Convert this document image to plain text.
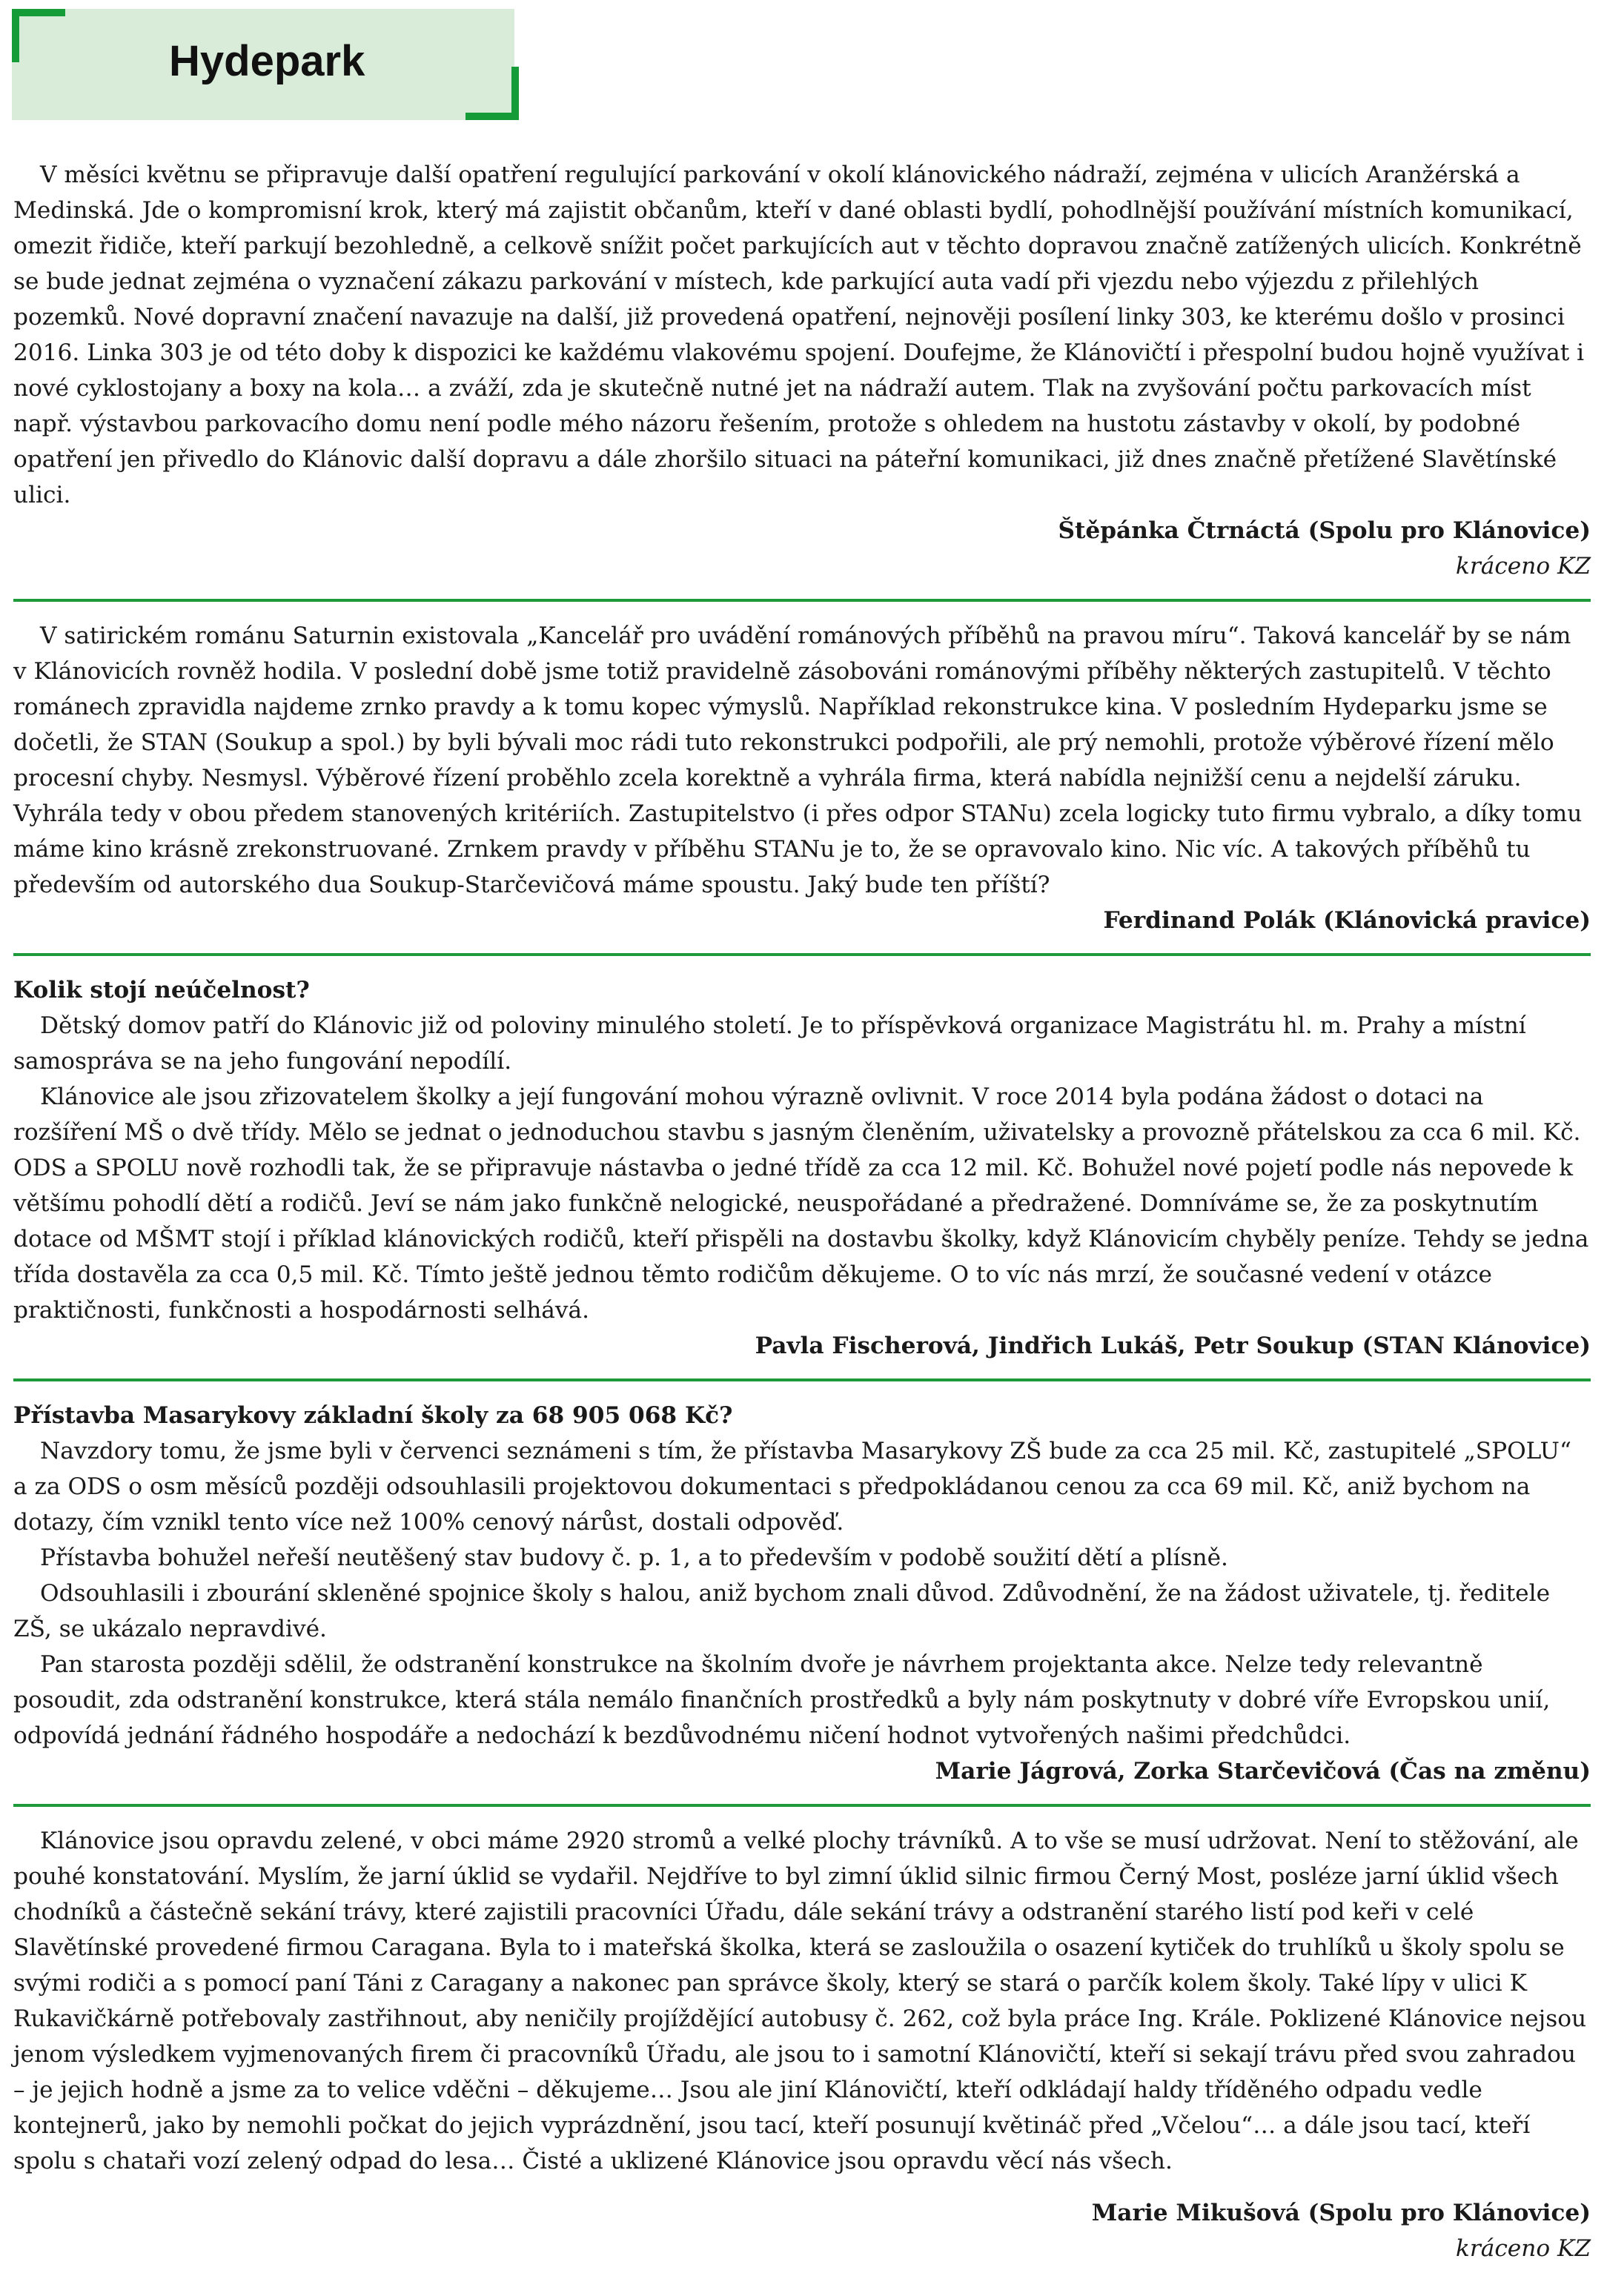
Hydepark

V měsíci květnu se připravuje další opatření regulující parkování v okolí klánovického nádraží, zejména v ulicích Aranžérská a Medinská. Jde o kompromisní krok, který má zajistit občanům, kteří v dané oblasti bydlí, pohodlnější používání místních komunikací, omezit řidiče, kteří parkují bezohledně, a celkově snížit počet parkujících aut v těchto dopravou značně zatížených ulicích. Konkrétně se bude jednat zejména o vyznačení zákazu parkování v místech, kde parkující auta vadí při vjezdu nebo výjezdu z přilehlých pozemků. Nové dopravní značení navazuje na další, již provedená opatření, nejnověji posílení linky 303, ke kterému došlo v prosinci 2016. Linka 303 je od této doby k dispozici ke každému vlakovému spojení. Doufejme, že Klánovičtí i přespolní budou hojně využívat i nové cyklostojany a boxy na kola… a zváží, zda je skutečně nutné jet na nádraží autem. Tlak na zvyšování počtu parkovacích míst např. výstavbou parkovacího domu není podle mého názoru řešením, protože s ohledem na hustotu zástavby v okolí, by podobné opatření jen přivedlo do Klánovic další dopravu a dále zhoršilo situaci na páteřní komunikaci, již dnes značně přetížené Slavětínské ulici.

Štěpánka Čtrnáctá (Spolu pro Klánovice)

kráceno KZ

V satirickém románu Saturnin existovala „Kancelář pro uvádění románových příběhů na pravou míru“. Taková kancelář by se nám v Klánovicích rovněž hodila. V poslední době jsme totiž pravidelně zásobováni románovými příběhy některých zastupitelů. V těchto románech zpravidla najdeme zrnko pravdy a k tomu kopec výmyslů. Například rekonstrukce kina. V posledním Hydeparku jsme se dočetli, že STAN (Soukup a spol.) by byli bývali moc rádi tuto rekonstrukci podpořili, ale prý nemohli, protože výběrové řízení mělo procesní chyby. Nesmysl. Výběrové řízení proběhlo zcela korektně a vyhrála firma, která nabídla nejnižší cenu a nejdelší záruku. Vyhrála tedy v obou předem stanovených kritériích. Zastupitelstvo (i přes odpor STANu) zcela logicky tuto firmu vybralo, a díky tomu máme kino krásně zrekonstruované. Zrnkem pravdy v příběhu STANu je to, že se opravovalo kino. Nic víc. A takových příběhů tu především od autorského dua Soukup-Starčevičová máme spoustu. Jaký bude ten příští?

Ferdinand Polák (Klánovická pravice)

Kolik stojí neúčelnost?

Dětský domov patří do Klánovic již od poloviny minulého století. Je to příspěvková organizace Magistrátu hl. m. Prahy a místní samospráva se na jeho fungování nepodílí.

Klánovice ale jsou zřizovatelem školky a její fungování mohou výrazně ovlivnit. V roce 2014 byla podána žádost o dotaci na rozšíření MŠ o dvě třídy. Mělo se jednat o jednoduchou stavbu s jasným členěním, uživatelsky a provozně přátelskou za cca 6 mil. Kč. ODS a SPOLU nově rozhodli tak, že se připravuje nástavba o jedné třídě za cca 12 mil. Kč. Bohužel nové pojetí podle nás nepovede k většímu pohodlí dětí a rodičů. Jeví se nám jako funkčně nelogické, neuspořádané a předražené. Domníváme se, že za poskytnutím dotace od MŠMT stojí i příklad klánovických rodičů, kteří přispěli na dostavbu školky, když Klánovicím chyběly peníze. Tehdy se jedna třída dostavěla za cca 0,5 mil. Kč. Tímto ještě jednou těmto rodičům děkujeme. O to víc nás mrzí, že současné vedení v otázce praktičnosti, funkčnosti a hospodárnosti selhává.

Pavla Fischerová, Jindřich Lukáš, Petr Soukup (STAN Klánovice)

Přístavba Masarykovy základní školy za 68 905 068 Kč?

Navzdory tomu, že jsme byli v červenci seznámeni s tím, že přístavba Masarykovy ZŠ bude za cca 25 mil. Kč, zastupitelé „SPOLU“ a za ODS o osm měsíců později odsouhlasili projektovou dokumentaci s předpokládanou cenou za cca 69 mil. Kč, aniž bychom na dotazy, čím vznikl tento více než 100% cenový nárůst, dostali odpověď.

Přístavba bohužel neřeší neutěšený stav budovy č. p. 1, a to především v podobě soužití dětí a plísně.

Odsouhlasili i zbourání skleněné spojnice školy s halou, aniž bychom znali důvod. Zdůvodnění, že na žádost uživatele, tj. ředitele ZŠ, se ukázalo nepravdivé.

Pan starosta později sdělil, že odstranění konstrukce na školním dvoře je návrhem projektanta akce. Nelze tedy relevantně posoudit, zda odstranění konstrukce, která stála nemálo finančních prostředků a byly nám poskytnuty v dobré víře Evropskou unií, odpovídá jednání řádného hospodáře a nedochází k bezdůvodnému ničení hodnot vytvořených našimi předchůdci.

Marie Jágrová, Zorka Starčevičová (Čas na změnu)

Klánovice jsou opravdu zelené, v obci máme 2920 stromů a velké plochy trávníků. A to vše se musí udržovat. Není to stěžování, ale pouhé konstatování. Myslím, že jarní úklid se vydařil. Nejdříve to byl zimní úklid silnic firmou Černý Most, posléze jarní úklid všech chodníků a částečně sekání trávy, které zajistili pracovníci Úřadu, dále sekání trávy a odstranění starého listí pod keři v celé Slavětínské provedené firmou Caragana. Byla to i mateřská školka, která se zasloužila o osazení kytiček do truhlíků u školy spolu se svými rodiči a s pomocí paní Táni z Caragany a nakonec pan správce školy, který se stará o parčík kolem školy. Také lípy v ulici K Rukavičkárně potřebovaly zastřihnout, aby neničily projíždějící autobusy č. 262, což byla práce Ing. Krále. Poklizené Klánovice nejsou jenom výsledkem vyjmenovaných firem či pracovníků Úřadu, ale jsou to i samotní Klánovičtí, kteří si sekají trávu před svou zahradou – je jejich hodně a jsme za to velice vděčni – děkujeme… Jsou ale jiní Klánovičtí, kteří odkládají haldy tříděného odpadu vedle kontejnerů, jako by nemohli počkat do jejich vyprázdnění, jsou tací, kteří posunují květináč před „Včelou“… a dále jsou tací, kteří spolu s chataři vozí zelený odpad do lesa… Čisté a uklizené Klánovice jsou opravdu věcí nás všech.

Marie Mikušová (Spolu pro Klánovice)

kráceno KZ
